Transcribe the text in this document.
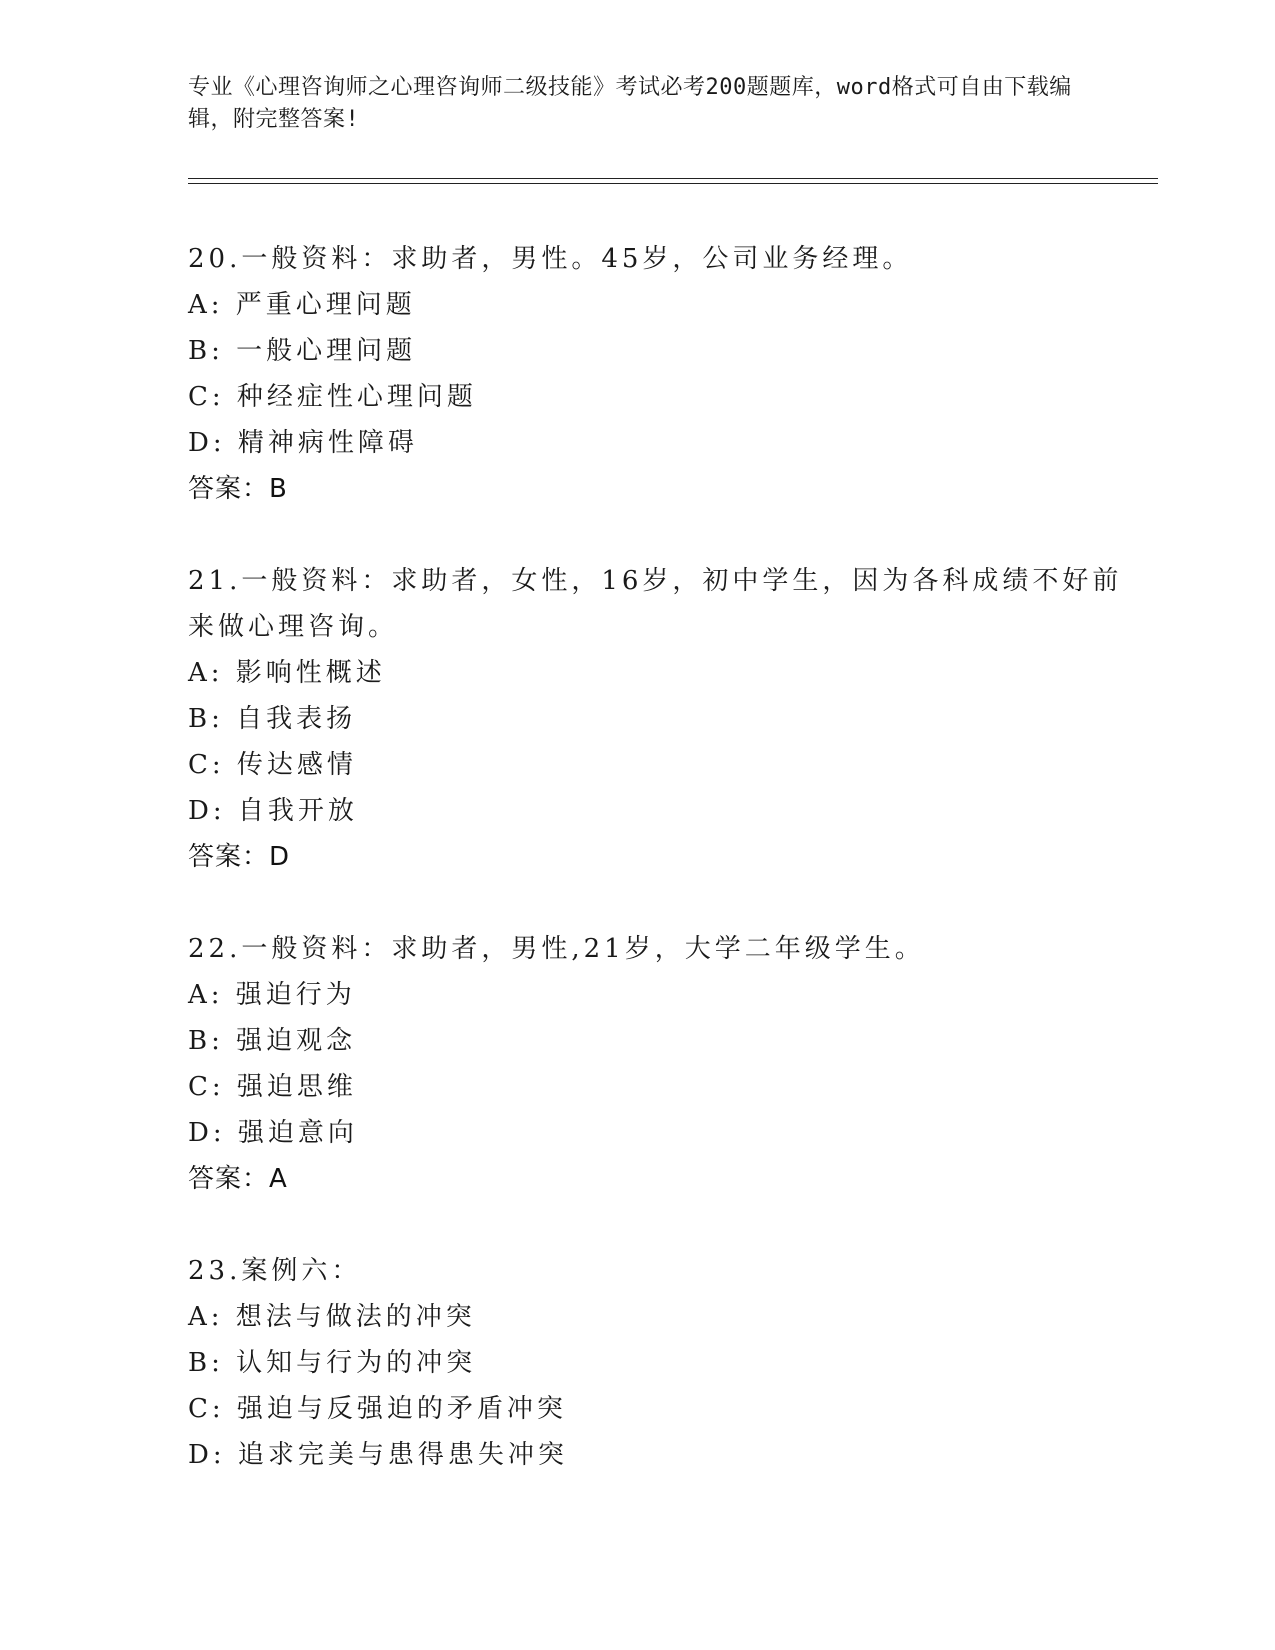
专业《心理咨询师之心理咨询师二级技能》考试必考200题题库，word格式可自由下载编辑，附完整答案!

20.一般资料：求助者，男性。45岁，公司业务经理。

A: 严重心理问题

B: 一般心理问题

C: 种经症性心理问题

D: 精神病性障碍

答案：B

21.一般资料：求助者，女性，16岁，初中学生，因为各科成绩不好前来做心理咨询。

A: 影响性概述

B: 自我表扬

C: 传达感情

D: 自我开放

答案：D

22.一般资料：求助者，男性,21岁，大学二年级学生。

A: 强迫行为

B: 强迫观念

C: 强迫思维

D: 强迫意向

答案：A

23.案例六：

A: 想法与做法的冲突

B: 认知与行为的冲突

C: 强迫与反强迫的矛盾冲突

D: 追求完美与患得患失冲突
